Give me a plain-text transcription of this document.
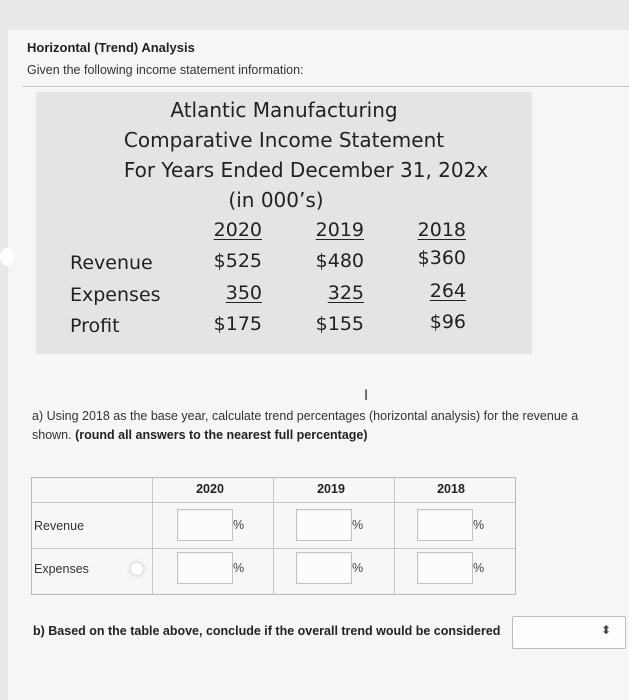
Horizontal (Trend) Analysis
Given the following income statement information:
Atlantic Manufacturing
Comparative Income Statement
For Years Ended December 31, 202x
(in 000’s)
2020	2019	2018
Revenue	$525	$480	$360
Expenses	350	325	264
Profit	$175	$155	$96
I
a) Using 2018 as the base year, calculate trend percentages (horizontal analysis) for the revenue a
shown. (round all answers to the nearest full percentage)
2020	2019	2018
Revenue	%	%	%
Expenses	%	%	%
b) Based on the table above, conclude if the overall trend would be considered	⬍
